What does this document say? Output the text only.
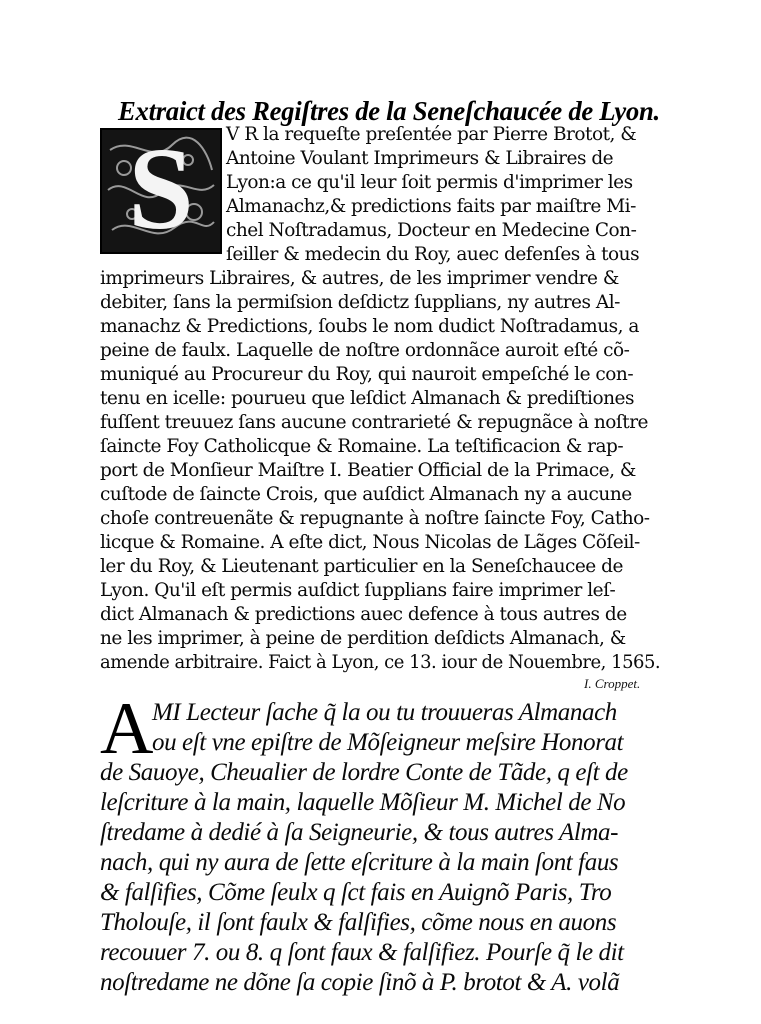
Extraict des Regiſtres de la Seneſchaucée de Lyon.
S	V R la requeſte preſentée par Pierre Brotot, &
Antoine Voulant Imprimeurs & Libraires de
Lyon:a ce qu'il leur ſoit permis d'imprimer les
Almanachz,& predictions faits par maiſtre Mi-
chel Noſtradamus, Docteur en Medecine Con-
ſeiller & medecin du Roy, auec defenſes à tous
imprimeurs Libraires, & autres, de les imprimer vendre &
debiter, ſans la permiſsion deſdictz ſupplians, ny autres Al-
manachz & Predictions, ſoubs le nom dudict Noſtradamus, a
peine de faulx. Laquelle de noſtre ordonnãce auroit eſté cõ-
muniqué au Procureur du Roy, qui nauroit empeſché le con-
tenu en icelle: pourueu que leſdict Almanach & prediſtiones
fuſſent treuuez ſans aucune contrarieté & repugnãce à noſtre
ſaincte Foy Catholicque & Romaine. La teſtificacion & rap-
port de Monſieur Maiſtre I. Beatier Official de la Primace, &
cuſtode de ſaincte Crois, que auſdict Almanach ny a aucune
choſe contreuenãte & repugnante à noſtre ſaincte Foy, Catho-
licque & Romaine. A eſte dict, Nous Nicolas de Lãges Cõſeil-
ler du Roy, & Lieutenant particulier en la Seneſchaucee de
Lyon. Qu'il eſt permis auſdict ſupplians faire imprimer leſ-
dict Almanach & predictions auec defence à tous autres de
ne les imprimer, à peine de perdition deſdicts Almanach, &
amende arbitraire. Faict à Lyon, ce 13. iour de Nouembre, 1565.
I. Croppet.
A
MI Lecteur ſache q̃ la ou tu trouueras Almanach
ou eſt vne epiſtre de Mõſeigneur meſsire Honorat
de Sauoye, Cheualier de lordre Conte de Tãde, q eſt de
leſcriture à la main, laquelle Mõſieur M. Michel de No
ſtredame à dedié à ſa Seigneurie, & tous autres Alma-
nach, qui ny aura de ſette eſcriture à la main ſont faus
& falſifies, Cõme ſeulx q ſct fais en Auignõ Paris, Tro
Tholouſe, il ſont faulx & falſifies, cõme nous en auons
recouuer 7. ou 8. q ſont faux & falſifiez. Pourſe q̃ le dit
noſtredame ne dõne ſa copie ſinõ à P. brotot & A. volã
